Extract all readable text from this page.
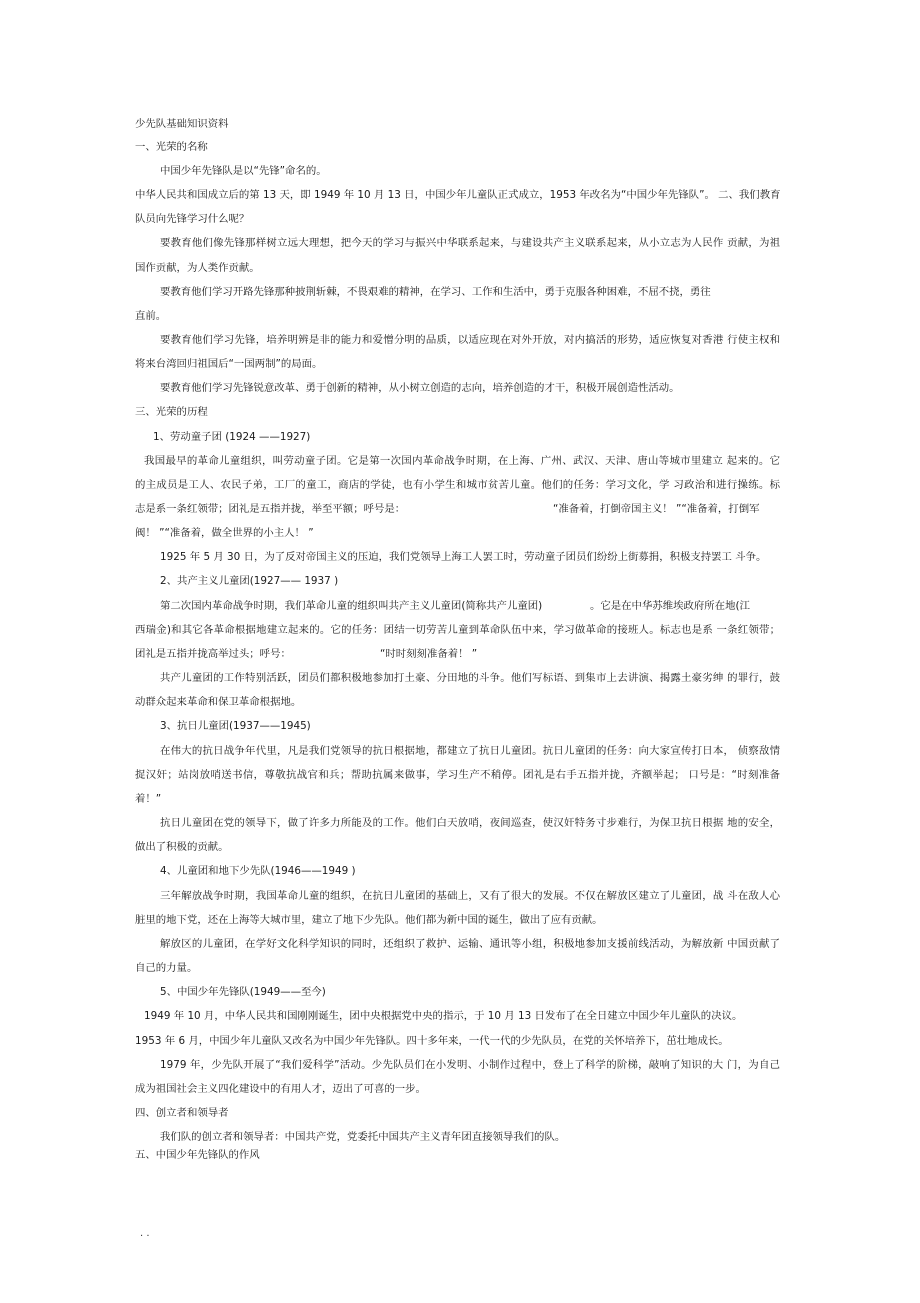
少先队基础知识资料
一、光荣的名称
中国少年先锋队是以“先锋”命名的。
中华人民共和国成立后的第 13 天，即 1949 年 10 月 13 日，中国少年儿童队正式成立，1953 年改名为“中国少年先锋队”。 二、我们教育
队员向先锋学习什么呢？
要教育他们像先锋那样树立远大理想，把今天的学习与振兴中华联系起来，与建设共产主义联系起来，从小立志为人民作 贡献，为祖
国作贡献，为人类作贡献。
要教育他们学习开路先锋那种披荆斩棘，不畏艰难的精神，在学习、工作和生活中，勇于克服各种困难，不屈不挠，勇往
直前。
要教育他们学习先锋，培养明辨是非的能力和爱憎分明的品质，以适应现在对外开放，对内搞活的形势，适应恢复对香港 行使主权和
将来台湾回归祖国后“一国两制”的局面。
要教育他们学习先锋锐意改革、勇于创新的精神，从小树立创造的志向，培养创造的才干，积极开展创造性活动。
三、光荣的历程
1、劳动童子团 (1924 ——1927)
我国最早的革命儿童组织，叫劳动童子团。它是第一次国内革命战争时期，在上海、广州、武汉、天津、唐山等城市里建立 起来的。它
的主成员是工人、农民子弟，工厂的童工，商店的学徒，也有小学生和城市贫苦儿童。他们的任务：学习文化，学 习政治和进行操练。标
志是系一条红领带；团礼是五指并拢，举至平额；呼号是：	“准备着，打倒帝国主义！ ”“准备着，打倒军
阀！ ”“准备着，做全世界的小主人！ ”
1925 年 5 月 30 日，为了反对帝国主义的压迫，我们党领导上海工人罢工时，劳动童子团员们纷纷上街募捐，积极支持罢工 斗争。
2、共产主义儿童团(1927—— 1937 )
第二次国内革命战争时期，我们革命儿童的组织叫共产主义儿童团(简称共产儿童团)	。它是在中华苏维埃政府所在地(江
西瑞金)和其它各革命根据地建立起来的。它的任务：团结一切劳苦儿童到革命队伍中来，学习做革命的接班人。标志也是系 一条红领带；
团礼是五指并拢高举过头；呼号：	“时时刻刻准备着！ ”
共产儿童团的工作特别活跃，团员们都积极地参加打土豪、分田地的斗争。他们写标语、到集市上去讲演、揭露土豪劣绅 的罪行，鼓
动群众起来革命和保卫革命根据地。
3、抗日儿童团(1937——1945)
在伟大的抗日战争年代里，凡是我们党领导的抗日根据地，都建立了抗日儿童团。抗日儿童团的任务：向大家宣传打日本， 侦察敌情
捉汉奸；站岗放哨送书信，尊敬抗战官和兵；帮助抗属来做事，学习生产不稍停。团礼是右手五指并拢，齐额举起； 口号是：“时刻准备
着！”
抗日儿童团在党的领导下，做了许多力所能及的工作。他们白天放哨，夜间巡查，使汉奸特务寸步难行，为保卫抗日根据 地的安全，
做出了积极的贡献。
4、儿童团和地下少先队(1946——1949 )
三年解放战争时期，我国革命儿童的组织，在抗日儿童团的基础上，又有了很大的发展。不仅在解放区建立了儿童团，战 斗在敌人心
脏里的地下党，还在上海等大城市里，建立了地下少先队。他们都为新中国的诞生，做出了应有贡献。
解放区的儿童团，在学好文化科学知识的同时，还组织了救护、运输、通讯等小组，积极地参加支援前线活动，为解放新 中国贡献了
自己的力量。
5、中国少年先锋队(1949——至今)
1949 年 10 月，中华人民共和国刚刚诞生，团中央根据党中央的指示，于 10 月 13 日发布了在全日建立中国少年儿童队的决议。
1953 年 6 月，中国少年儿童队又改名为中国少年先锋队。四十多年来，一代一代的少先队员，在党的关怀培养下，茁壮地成长。
1979 年，少先队开展了“我们爱科学”活动。少先队员们在小发明、小制作过程中，登上了科学的阶梯，敲响了知识的大 门，为自己
成为祖国社会主义四化建设中的有用人才，迈出了可喜的一步。
四、创立者和领导者
我们队的创立者和领导者：中国共产党，党委托中国共产主义青年团直接领导我们的队。
五、中国少年先锋队的作风
. .
